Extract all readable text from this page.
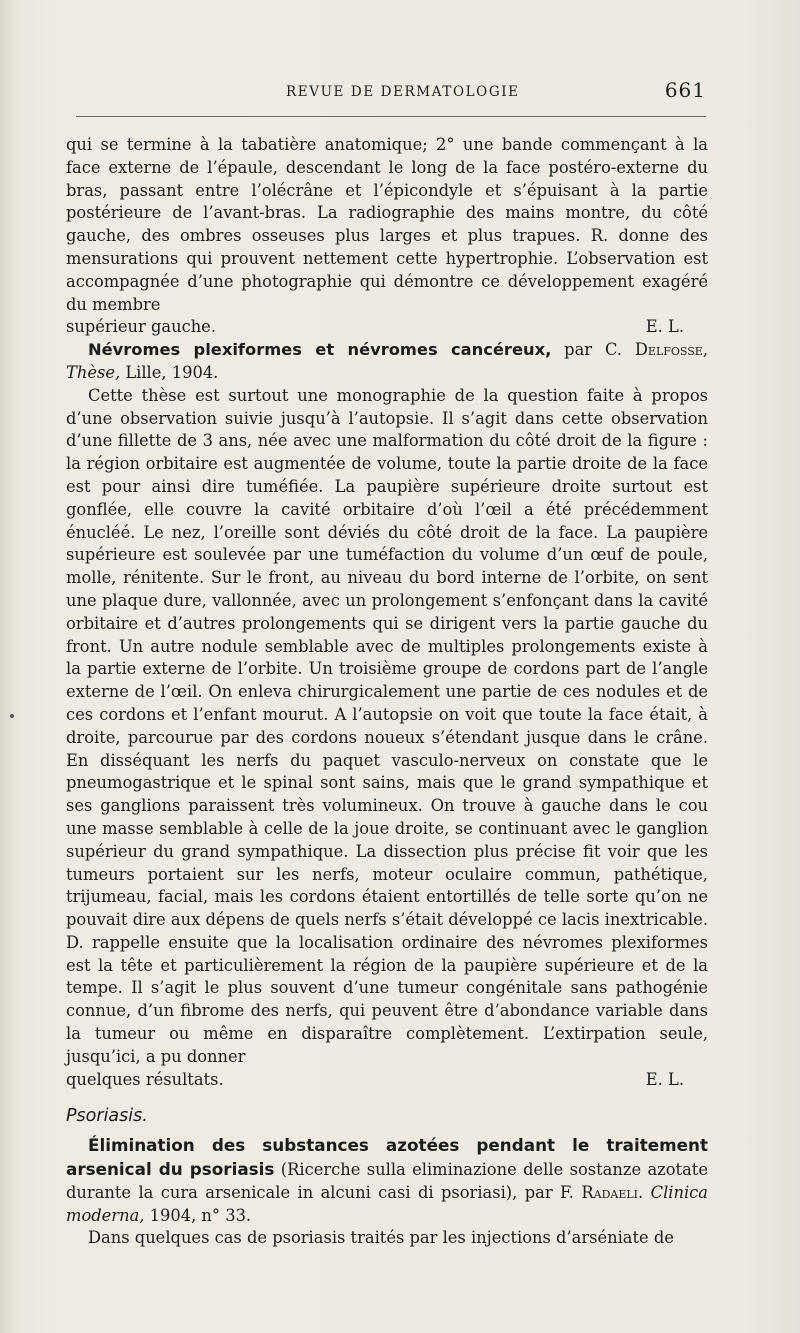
REVUE DE DERMATOLOGIE	661

qui se termine à la tabatière anatomique; 2° une bande commençant à la face externe de l’épaule, descendant le long de la face postéro-externe du bras, passant entre l’olécrâne et l’épicondyle et s’épuisant à la partie postérieure de l’avant-bras. La radiographie des mains montre, du côté gauche, des ombres osseuses plus larges et plus trapues. R. donne des mensurations qui prouvent nettement cette hypertrophie. L’observation est accompagnée d’une photographie qui démontre ce développement exagéré du membre

supérieur gauche.	E. L.

Névromes plexiformes et névromes cancéreux, par C. Delfosse, Thèse, Lille, 1904.

Cette thèse est surtout une monographie de la question faite à propos d’une observation suivie jusqu’à l’autopsie. Il s’agit dans cette observation d’une fillette de 3 ans, née avec une malformation du côté droit de la figure : la région orbitaire est augmentée de volume, toute la partie droite de la face est pour ainsi dire tuméfiée. La paupière supérieure droite surtout est gonflée, elle couvre la cavité orbitaire d’où l’œil a été précédemment énucléé. Le nez, l’oreille sont déviés du côté droit de la face. La paupière supérieure est soulevée par une tuméfaction du volume d’un œuf de poule, molle, rénitente. Sur le front, au niveau du bord interne de l’orbite, on sent une plaque dure, vallonnée, avec un prolongement s’enfonçant dans la cavité orbitaire et d’autres prolongements qui se dirigent vers la partie gauche du front. Un autre nodule semblable avec de multiples prolongements existe à la partie externe de l’orbite. Un troisième groupe de cordons part de l’angle externe de l’œil. On enleva chirurgicalement une partie de ces nodules et de ces cordons et l’enfant mourut. A l’autopsie on voit que toute la face était, à droite, parcourue par des cordons noueux s’étendant jusque dans le crâne. En disséquant les nerfs du paquet vasculo-nerveux on constate que le pneumogastrique et le spinal sont sains, mais que le grand sympathique et ses ganglions paraissent très volumineux. On trouve à gauche dans le cou une masse semblable à celle de la joue droite, se continuant avec le ganglion supérieur du grand sympathique. La dissection plus précise fit voir que les tumeurs portaient sur les nerfs, moteur oculaire commun, pathétique, trijumeau, facial, mais les cordons étaient entortillés de telle sorte qu’on ne pouvait dire aux dépens de quels nerfs s’était développé ce lacis inextricable. D. rappelle ensuite que la localisation ordinaire des névromes plexiformes est la tête et particulièrement la région de la paupière supérieure et de la tempe. Il s’agit le plus souvent d’une tumeur congénitale sans pathogénie connue, d’un fibrome des nerfs, qui peuvent être d’abondance variable dans la tumeur ou même en disparaître complètement. L’extirpation seule, jusqu’ici, a pu donner

quelques résultats.	E. L.

Psoriasis.

Élimination des substances azotées pendant le traitement arsenical du psoriasis (Ricerche sulla eliminazione delle sostanze azotate durante la cura arsenicale in alcuni casi di psoriasi), par F. Radaeli. Clinica moderna, 1904, n° 33.

Dans quelques cas de psoriasis traités par les injections d’arséniate de
